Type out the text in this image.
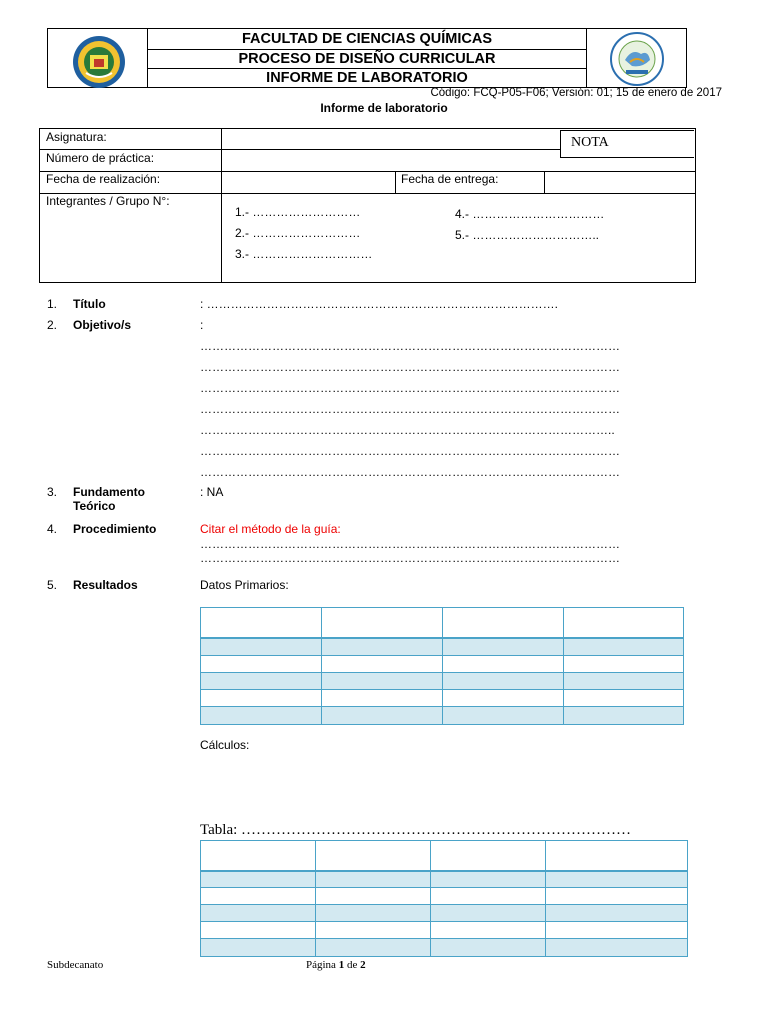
FACULTAD DE CIENCIAS QUÍMICAS
PROCESO DE DISEÑO CURRICULAR
INFORME DE LABORATORIO
Código: FCQ-P05-F06; Versión: 01; 15 de enero de 2017
Informe de laboratorio
Asignatura:
Número de práctica:
NOTA
Fecha de realización:	Fecha de entrega:
Integrantes / Grupo N°:
1.- ………………………
2.- ………………………
3.- …………………………
4.- ……………………………
5.- …………………………..
1. Título	: …………………………………………………………………………….
2. Objetivo/s	:
……………………………………………………………………………………………
……………………………………………………………………………………………
……………………………………………………………………………………………
……………………………………………………………………………………………
…………………………………………………………………………………………..
……………………………………………………………………………………………
……………………………………………………………………………………………
3. Fundamento
Teórico
: NA
4. Procedimiento	Citar el método de la guía:
……………………………………………………………………………………………
……………………………………………………………………………………………
5. Resultados	Datos Primarios:
Cálculos:
Tabla: ……………………………………………………………………
Subdecanato	Página 1 de 2
